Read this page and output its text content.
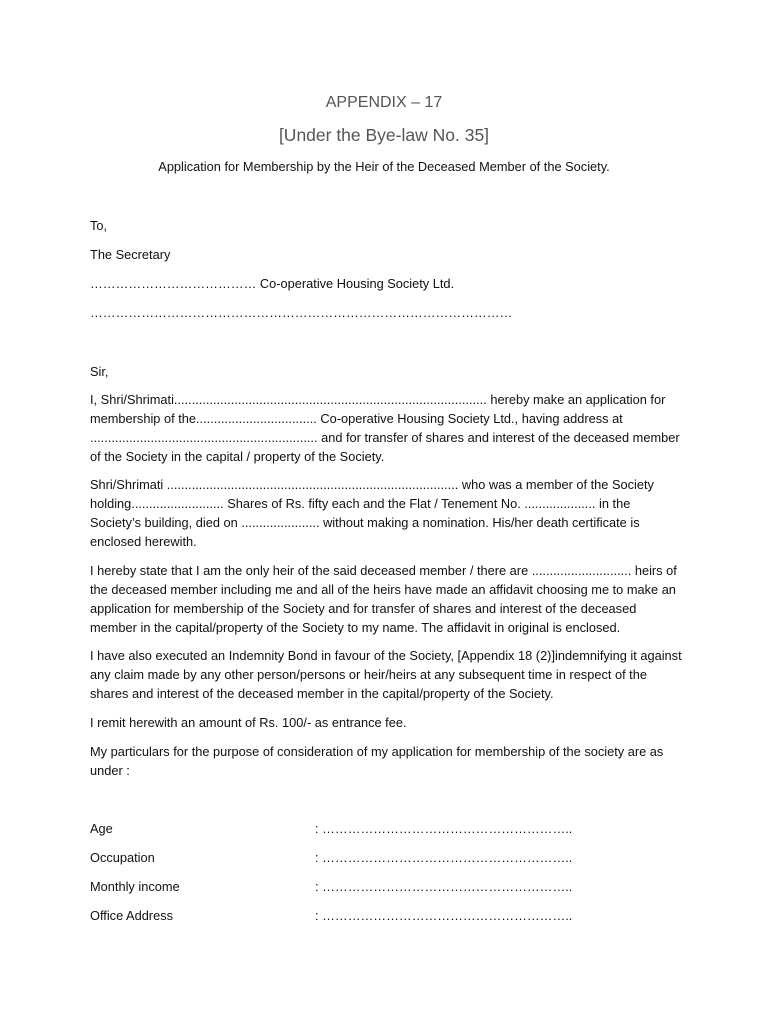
APPENDIX – 17
[Under the Bye-law No. 35]
Application for Membership by the Heir of the Deceased Member of the Society.
To,
The Secretary
………………………………… Co-operative Housing Society Ltd.
………………………………………………………………………………………
Sir,
I, Shri/Shrimati........................................................................................ hereby make an application for membership of the.................................. Co-operative Housing Society Ltd., having address at ................................................................ and for transfer of shares and interest of the deceased member of the Society in the capital / property of the Society.
Shri/Shrimati .................................................................................. who was a member of the Society holding.......................... Shares of Rs. fifty each and the Flat / Tenement No. .................... in the Society’s building, died on ...................... without making a nomination. His/her death certificate is enclosed herewith.
I hereby state that I am the only heir of the said deceased member / there are ............................ heirs of the deceased member including me and all of the heirs have made an affidavit choosing me to make an application for membership of the Society and for transfer of shares and interest of the deceased member in the capital/property of the Society to my name. The affidavit in original is enclosed.
I have also executed an Indemnity Bond in favour of the Society, [Appendix 18 (2)]indemnifying it against any claim made by any other person/persons or heir/heirs at any subsequent time in respect of the shares and interest of the deceased member in the capital/property of the Society.
I remit herewith an amount of Rs. 100/- as entrance fee.
My particulars for the purpose of consideration of my application for membership of the society are as under :
Age	: …………………………………………………..
Occupation	: …………………………………………………..
Monthly income	: …………………………………………………..
Office Address	: …………………………………………………..
